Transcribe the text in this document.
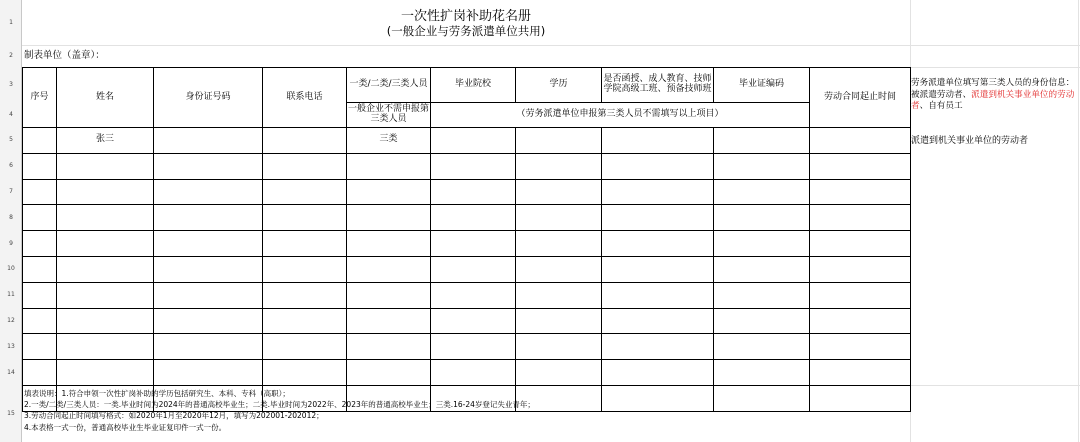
1
2
3
4
5
6
7
8
9
10
11
12
13
14
15
一次性扩岗补助花名册
(一般企业与劳务派遣单位共用)
制表单位（盖章）：
序号	姓名	身份证号码	联系电话	一类/二类/三类人员	毕业院校	学历	是否函授、成人教育、技师学院高级工班、预备技师班	毕业证编码	劳动合同起止时间
				一般企业不需申报第三类人员	（劳务派遣单位申报第三类人员不需填写以上项目）				
	张三			三类					

劳务派遣单位填写第三类人员的身份信息：被派遣劳动者、派遣到机关事业单位的劳动者、自有员工
派遣到机关事业单位的劳动者
填表说明：1.符合申领一次性扩岗补助的学历包括研究生、本科、专科（高职）；
2.一类/二类/三类人员：一类.毕业时间为2024年的普通高校毕业生；二类.毕业时间为2022年、2023年的普通高校毕业生；三类.16-24岁登记失业青年；
3.劳动合同起止时间填写格式：如2020年1月至2020年12月，填写为202001-202012；
4.本表格一式一份，普通高校毕业生毕业证复印件一式一份。
